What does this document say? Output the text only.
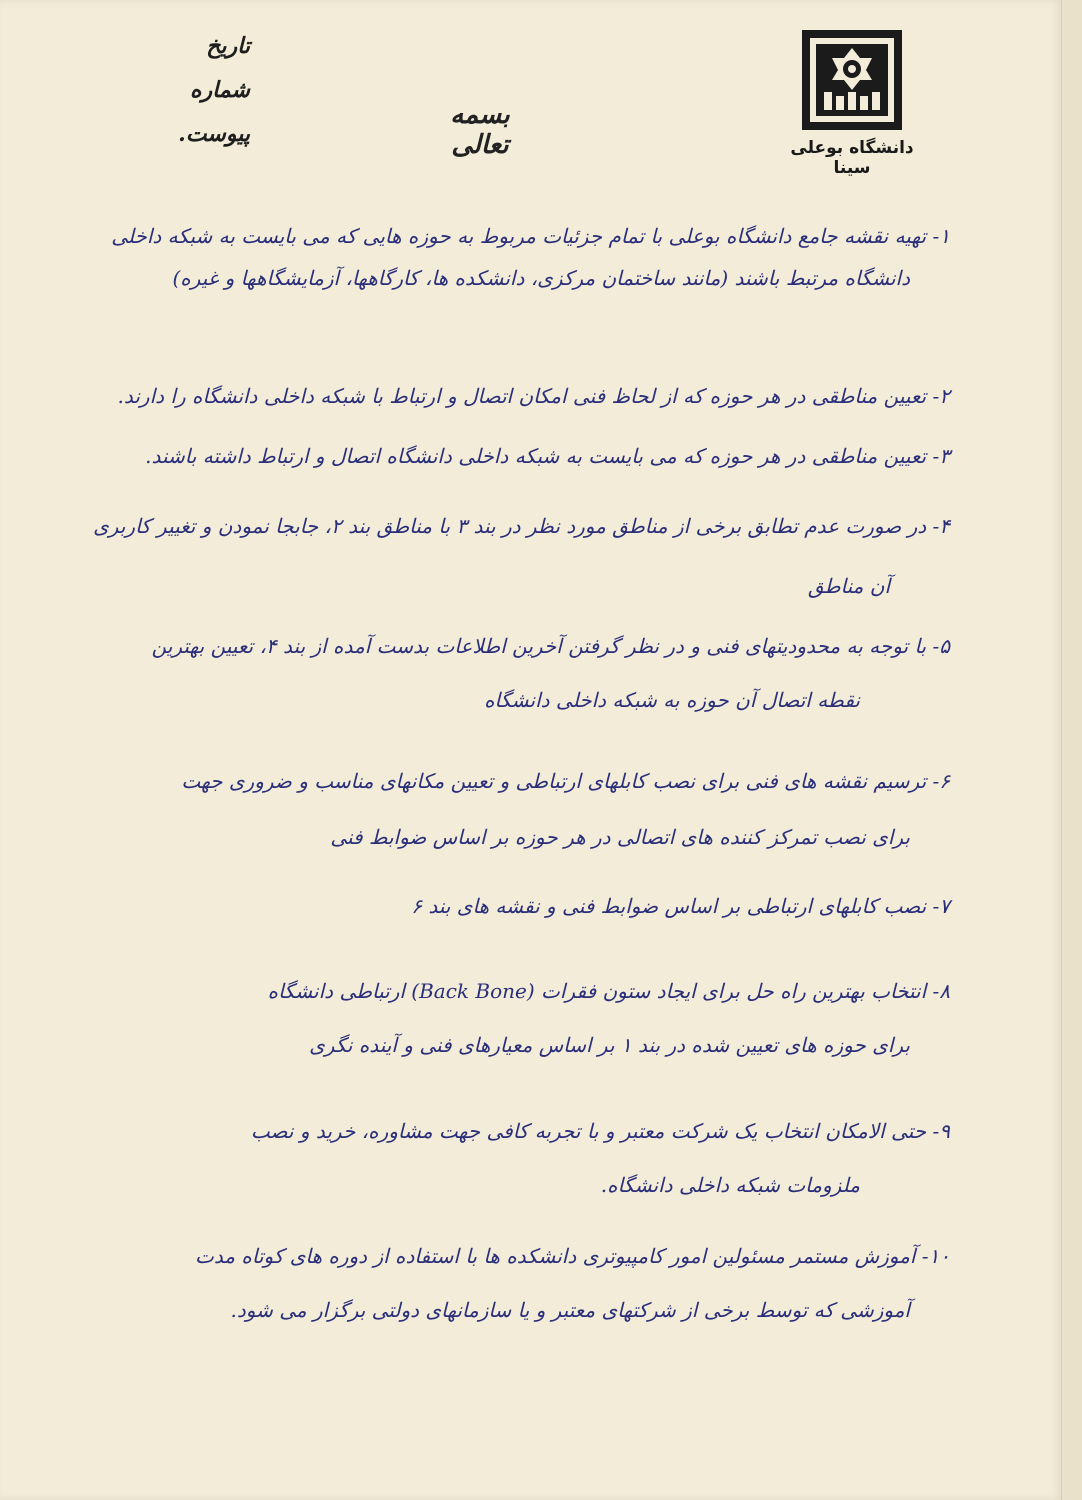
تاریخ
شماره
پیوست.
بسمه تعالی	دانشگاه بوعلی سینا

۱- تهیه نقشه جامع دانشگاه بوعلی با تمام جزئیات مربوط به حوزه هایی که می بایست به شبکه داخلی

دانشگاه مرتبط باشند (مانند ساختمان مرکزی، دانشکده ها، کارگاهها، آزمایشگاهها و غیره)

۲- تعیین مناطقی در هر حوزه که از لحاظ فنی امکان اتصال و ارتباط با شبکه داخلی دانشگاه را دارند.

۳- تعیین مناطقی در هر حوزه که می بایست به شبکه داخلی دانشگاه اتصال و ارتباط داشته باشند.

۴- در صورت عدم تطابق برخی از مناطق مورد نظر در بند ۳ با مناطق بند ۲، جابجا نمودن و تغییر کاربری

آن مناطق

۵- با توجه به محدودیتهای فنی و در نظر گرفتن آخرین اطلاعات بدست آمده از بند ۴، تعیین بهترین

نقطه اتصال آن حوزه به شبکه داخلی دانشگاه

۶- ترسیم نقشه های فنی برای نصب کابلهای ارتباطی و تعیین مکانهای مناسب و ضروری جهت

برای نصب تمرکز کننده های اتصالی در هر حوزه بر اساس ضوابط فنی

۷- نصب کابلهای ارتباطی بر اساس ضوابط فنی و نقشه های بند ۶

۸- انتخاب بهترین راه حل برای ایجاد ستون فقرات (Back Bone) ارتباطی دانشگاه

برای حوزه های تعیین شده در بند ۱ بر اساس معیارهای فنی و آینده نگری

۹- حتی الامکان انتخاب یک شرکت معتبر و با تجربه کافی جهت مشاوره، خرید و نصب

ملزومات شبکه داخلی دانشگاه.

۱۰- آموزش مستمر مسئولین امور کامپیوتری دانشکده ها با استفاده از دوره های کوتاه مدت

آموزشی که توسط برخی از شرکتهای معتبر و یا سازمانهای دولتی برگزار می شود.
